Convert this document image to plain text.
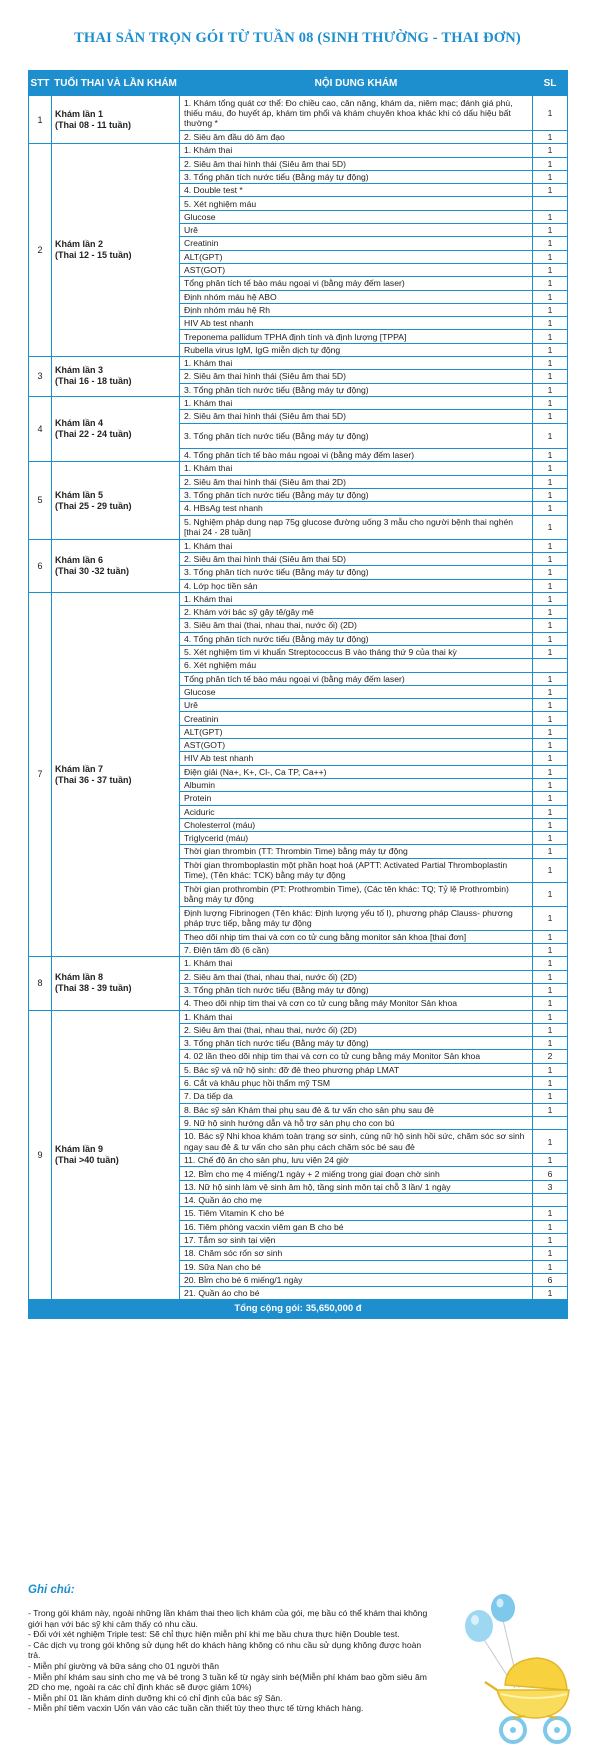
THAI SẢN TRỌN GÓI TỪ TUẦN 08 (SINH THƯỜNG - THAI ĐƠN)
STT	TUỔI THAI VÀ LẦN KHÁM	NỘI DUNG KHÁM	SL
1	Khám lần 1
(Thai 08 - 11 tuần)	1. Khám tổng quát cơ thể: Đo chiều cao, cân nặng, khám da, niêm mạc; đánh giá phù, thiếu máu, đo huyết áp, khám tim phổi và khám chuyên khoa khác khi có dấu hiệu bất thường *	1
		2. Siêu âm đầu dò âm đạo	1
2	Khám lần 2
(Thai 12 - 15 tuần)	1. Khám thai	1
		2. Siêu âm thai hình thái (Siêu âm thai 5D)	1
		3. Tổng phân tích nước tiểu (Bằng máy tự động)	1
		4. Double test *	1
		5. Xét nghiệm máu	
		Glucose	1
		Urê	1
		Creatinin	1
		ALT(GPT)	1
		AST(GOT)	1
		Tổng phân tích tế bào máu ngoại vi (bằng máy đếm laser)	1
		Định nhóm máu hệ ABO	1
		Định nhóm máu hệ Rh	1
		HIV Ab test nhanh	1
		Treponema pallidum TPHA định tính và định lượng [TPPA]	1
		Rubella virus IgM, IgG miễn dịch tự động	1
3	Khám lần 3
(Thai 16 - 18 tuần)	1. Khám thai	1
		2. Siêu âm thai hình thái (Siêu âm thai 5D)	1
		3. Tổng phân tích nước tiểu (Bằng máy tự động)	1
4	Khám lần 4
(Thai 22 - 24 tuần)	1. Khám thai	1
		2. Siêu âm thai hình thái (Siêu âm thai 5D)	1
		3. Tổng phân tích nước tiểu (Bằng máy tự động)	1
		4. Tổng phân tích tế bào máu ngoại vi (bằng máy đếm laser)	1
5	Khám lần 5
(Thai 25 - 29 tuần)	1. Khám thai	1
		2. Siêu âm thai hình thái (Siêu âm thai 2D)	1
		3. Tổng phân tích nước tiểu (Bằng máy tự động)	1
		4. HBsAg test nhanh	1
		5. Nghiệm pháp dung nạp 75g glucose đường uống 3 mẫu cho người bệnh thai nghén [thai 24 - 28 tuần]	1
6	Khám lần 6
(Thai 30 -32 tuần)	1. Khám thai	1
		2. Siêu âm thai hình thái (Siêu âm thai 5D)	1
		3. Tổng phân tích nước tiểu (Bằng máy tự động)	1
		4. Lớp học tiền sản	1
7	Khám lần 7
(Thai 36 - 37 tuần)	1. Khám thai	1
		2. Khám với bác sỹ gây tê/gây mê	1
		3. Siêu âm thai (thai, nhau thai, nước ối) (2D)	1
		4. Tổng phân tích nước tiểu (Bằng máy tự động)	1
		5. Xét nghiệm tìm vi khuẩn Streptococcus B vào tháng thứ 9 của thai kỳ	1
		6. Xét nghiệm máu	
		Tổng phân tích tế bào máu ngoại vi (bằng máy đếm laser)	1
		Glucose	1
		Urê	1
		Creatinin	1
		ALT(GPT)	1
		AST(GOT)	1
		HIV Ab test nhanh	1
		Điện giải (Na+, K+, Cl-, Ca TP, Ca++)	1
		Albumin	1
		Protein	1
		Aciduric	1
		Cholesterrol (máu)	1
		Triglycerid (máu)	1
		Thời gian thrombin (TT: Thrombin Time) bằng máy tự động	1
		Thời gian thromboplastin một phần hoạt hoá (APTT: Activated Partial Thromboplastin Time), (Tên khác: TCK) bằng máy tự động	1
		Thời gian prothrombin (PT: Prothrombin Time), (Các tên khác: TQ; Tỷ lệ Prothrombin) bằng máy tự động	1
		Định lượng Fibrinogen (Tên khác: Định lượng yếu tố I), phương pháp Clauss- phương pháp trực tiếp, bằng máy tự động	1
		Theo dõi nhịp tim thai và cơn co tử cung bằng monitor sản khoa [thai đơn]	1
		7. Điện tâm đồ (6 cần)	1
8	Khám lần 8
(Thai 38 - 39 tuần)	1. Khám thai	1
		2. Siêu âm thai (thai, nhau thai, nước ối) (2D)	1
		3. Tổng phân tích nước tiểu (Bằng máy tự động)	1
		4. Theo dõi nhịp tim thai và cơn co tử cung bằng máy Monitor Sản khoa	1
9	Khám lần 9
(Thai >40 tuần)	1. Khám thai	1
		2. Siêu âm thai (thai, nhau thai, nước ối) (2D)	1
		3. Tổng phân tích nước tiểu (Bằng máy tự động)	1
		4. 02 lần theo dõi nhịp tim thai và cơn co tử cung bằng máy Monitor Sản khoa	2
		5. Bác sỹ và nữ hộ sinh: đỡ đẻ theo phương pháp LMAT	1
		6. Cắt và khâu phục hồi thẩm mỹ TSM	1
		7. Da tiếp da	1
		8. Bác sỹ sản Khám thai phụ sau đẻ & tư vấn cho sản phụ sau đẻ	1
		9. Nữ hộ sinh hướng dẫn và hỗ trợ sản phụ cho con bú	
		10. Bác sỹ Nhi khoa khám toàn trạng sơ sinh, cùng nữ hộ sinh hồi sức, chăm sóc sơ sinh ngay sau đẻ & tư vấn cho sản phụ cách chăm sóc bé sau đẻ	1
		11. Chế độ ăn cho sản phụ, lưu viện 24 giờ	1
		12. Bỉm cho mẹ 4 miếng/1 ngày + 2 miếng trong giai đoạn chờ sinh	6
		13. Nữ hộ sinh làm vệ sinh âm hộ, tầng sinh môn tại chỗ 3 lần/ 1 ngày	3
		14. Quần áo cho mẹ	
		15. Tiêm Vitamin K cho bé	1
		16. Tiêm phòng vacxin viêm gan B cho bé	1
		17. Tắm sơ sinh tại viện	1
		18. Chăm sóc rốn sơ sinh	1
		19. Sữa Nan cho bé	1
		20. Bỉm cho bé 6 miếng/1 ngày	6
		21. Quần áo cho bé	1
Tổng cộng gói: 35,650,000 đ			
Ghi chú:
- Trong gói khám này, ngoài những lần khám thai theo lịch khám của gói, mẹ bầu có thể khám thai không giới hạn với bác sỹ khi cảm thấy có nhu cầu.
- Đối với xét nghiệm Triple test: Sẽ chỉ thực hiện miễn phí khi mẹ bầu chưa thực hiện Double test.
- Các dịch vụ trong gói không sử dụng hết do khách hàng không có nhu cầu sử dụng không được hoàn trả.
- Miễn phí giường và bữa sáng cho 01 người thân
- Miễn phí khám sau sinh cho mẹ và bé trong 3 tuần kể từ ngày sinh bé(Miễn phí khám bao gồm siêu âm 2D cho mẹ, ngoài ra các chỉ định khác sẽ được giảm 10%)
- Miễn phí 01 lần khám dinh dưỡng khi có chỉ định của bác sỹ Sản.
- Miễn phí tiêm vacxin Uốn ván vào các tuần cần thiết tùy theo thực tế từng khách hàng.
